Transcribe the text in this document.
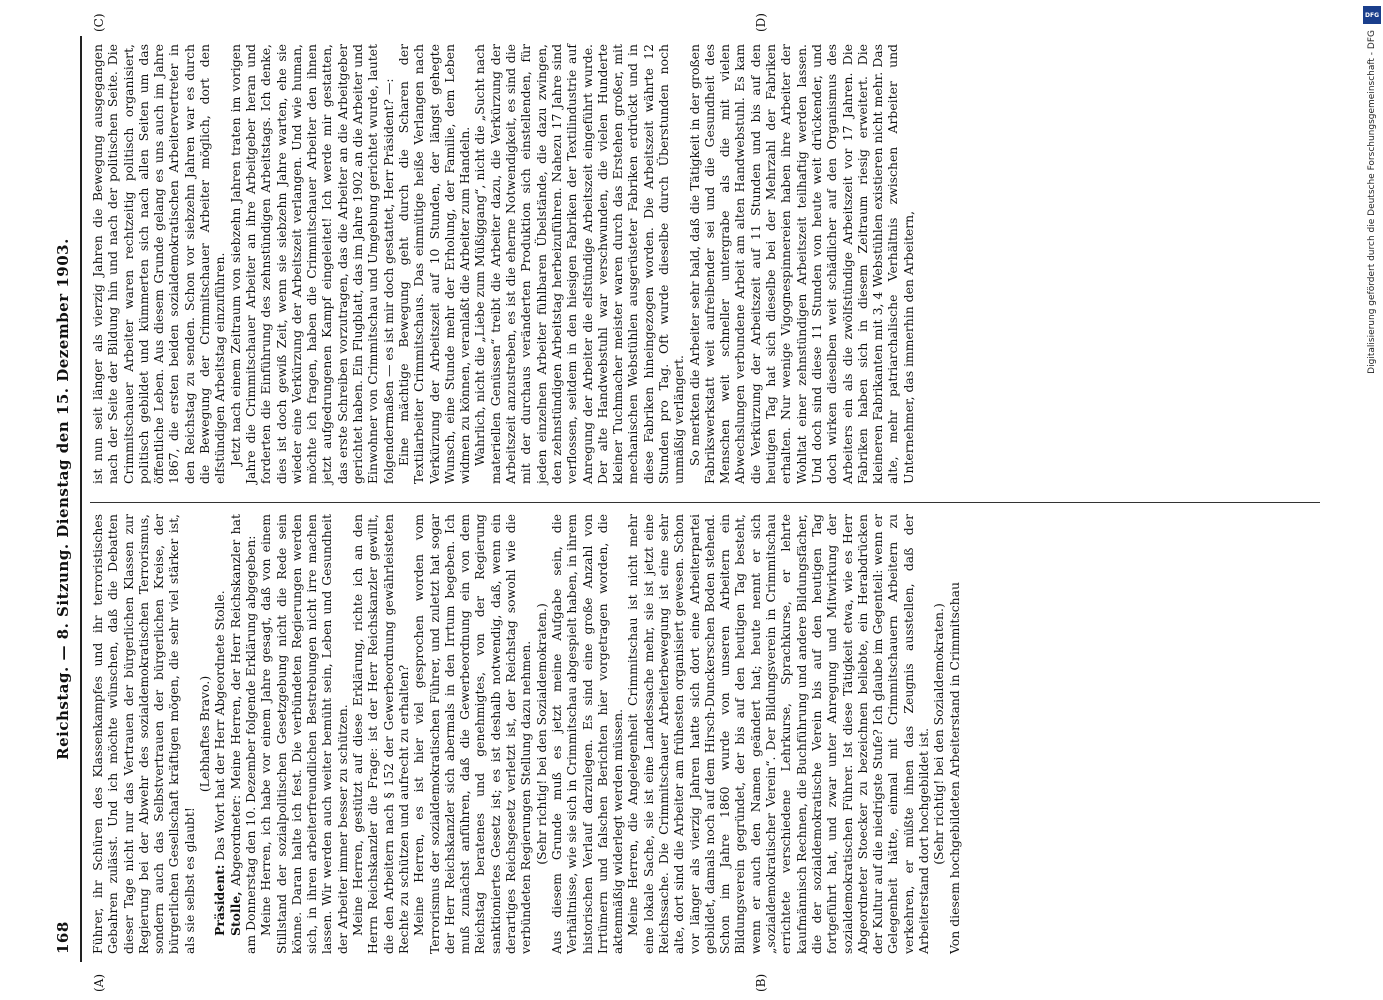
168
Reichstag. — 8. Sitzung. Dienstag den 15. Dezember 1903. Führer, ihr Schüren des Klassenkampfes und ihr terroristisches Gebahren zulässt. Und ich möchte wünschen, daß die Debatten dieser Tage nicht nur das Vertrauen der bürgerlichen Klassen zur Regierung bei der Abwehr des sozialdemokratischen Terrorismus, sondern auch das Selbstvertrauen der bürgerlichen Kreise, der bürgerlichen Gesellschaft kräftigen mögen, die sehr viel stärker ist, als sie selbst es glaubt!

(Lebhaftes Bravo.)

Präsident: Das Wort hat der Herr Abgeordnete Stolle.

Stolle, Abgeordneter: Meine Herren, der Herr Reichskanzler hat am Donnerstag den 10. Dezember folgende Erklärung abgegeben: Meine Herren, ich habe vor einem Jahre gesagt, daß von einem Stillstand der sozialpolitischen Gesetzgebung nicht die Rede sein könne. Daran halte ich fest. Die verbündeten Regierungen werden sich, in ihren arbeiterfreundlichen Bestrebungen nicht irre machen lassen. Wir werden auch weiter bemüht sein, Leben und Gesundheit der Arbeiter immer besser zu schützen. Meine Herren, gestützt auf diese Erklärung, richte ich an den Herrn Reichskanzler die Frage: ist der Herr Reichskanzler gewillt, die den Arbeitern nach § 152 der Gewerbeordnung gewährleisteten Rechte zu schützen und aufrecht zu erhalten? Meine Herren, es ist hier viel gesprochen worden vom Terrorismus der sozialdemokratischen Führer, und zuletzt hat sogar der Herr Reichskanzler sich abermals in den Irrtum begeben. Ich muß zunächst anführen, daß die Gewerbeordnung ein von dem Reichstag beratenes und genehmigtes, von der Regierung sanktioniertes Gesetz ist; es ist deshalb notwendig, daß, wenn ein derartiges Reichsgesetz verletzt ist, der Reichstag sowohl wie die verbündeten Regierungen Stellung dazu nehmen. (Sehr richtig! bei den Sozialdemokraten.) Aus diesem Grunde muß es jetzt meine Aufgabe sein, die Verhältnisse, wie sie sich in Crimmitschau abgespielt haben, in ihrem historischen Verlauf darzulegen. Es sind eine große Anzahl von Irrtümern und falschen Berichten hier vorgetragen worden, die aktenmäßig widerlegt werden müssen. Meine Herren, die Angelegenheit Crimmitschau ist nicht mehr eine lokale Sache, sie ist eine Landessache mehr, sie ist jetzt eine Reichssache. Die Crimmitschauer Arbeiterbewegung ist eine sehr alte, dort sind die Arbeiter am frühesten organisiert gewesen. Schon vor länger als vierzig Jahren hatte sich dort eine Arbeiterpartei gebildet, damals noch auf dem Hirsch-Dunckerschen Boden stehend. Schon im Jahre 1860 wurde von unseren Arbeitern ein Bildungsverein gegründet, der bis auf den heutigen Tag besteht, wenn er auch den Namen geändert hat; heute nennt er sich „sozialdemokratischer Verein“. Der Bildungsverein in Crimmitschau errichtete verschiedene Lehrkurse, Sprachkurse, er lehrte kaufmännisch Rechnen, die Buchführung und andere Bildungsfächer, die der sozialdemokratische Verein bis auf den heutigen Tag fortgeführt hat, und zwar unter Anregung und Mitwirkung der sozialdemokratischen Führer. Ist diese Tätigkeit etwa, wie es Herr Abgeordneter Stoecker zu bezeichnen beliebte, ein Herabdrücken der Kultur auf die niedrigste Stufe? Ich glaube im Gegenteil: wenn er Gelegenheit hätte, einmal mit Crimmitschauern Arbeitern zu verkehren, er müßte ihnen das Zeugnis ausstellen, daß der Arbeiterstand dort hochgebildet ist. (Sehr richtig! bei den Sozialdemokraten.) Von diesem hochgebildeten Arbeiterstand in Crimmitschau

ist nun seit länger als vierzig Jahren die Bewegung ausgegangen nach der Seite der Bildung hin und nach der politischen Seite. Die Crimmitschauer Arbeiter waren rechtzeitig politisch organisiert, politisch gebildet und kümmerten sich nach allen Seiten um das öffentliche Leben. Aus diesem Grunde gelang es uns auch im Jahre 1867, die ersten beiden sozialdemokratischen Arbeitervertreter in den Reichstag zu senden. Schon vor siebzehn Jahren war es durch die Bewegung der Crimmitschauer Arbeiter möglich, dort den elfstündigen Arbeitstag einzuführen. Jetzt nach einem Zeitraum von siebzehn Jahren traten im vorigen Jahre die Crimmitschauer Arbeiter an ihre Arbeitgeber heran und forderten die Einführung des zehnstündigen Arbeitstags. Ich denke, dies ist doch gewiß Zeit, wenn sie siebzehn Jahre warten, ehe sie wieder eine Verkürzung der Arbeitszeit verlangen. Und wie human, möchte ich fragen, haben die Crimmitschauer Arbeiter den ihnen jetzt aufgedrungenen Kampf eingeleitet! Ich werde mir gestatten, das erste Schreiben vorzutragen, das die Arbeiter an die Arbeitgeber gerichtet haben. Ein Flugblatt, das im Jahre 1902 an die Arbeiter und Einwohner von Crimmitschau und Umgebung gerichtet wurde, lautet folgendermaßen — es ist mir doch gestattet, Herr Präsident? —: Eine mächtige Bewegung geht durch die Scharen der Textilarbeiter Crimmitschaus. Das einmütige heiße Verlangen nach Verkürzung der Arbeitszeit auf 10 Stunden, der längst gehegte Wunsch, eine Stunde mehr der Erholung, der Familie, dem Leben widmen zu können, veranlaßt die Arbeiter zum Handeln. Wahrlich, nicht die „Liebe zum Müßiggang“, nicht die „Sucht nach materiellen Genüssen“ treibt die Arbeiter dazu, die Verkürzung der Arbeitszeit anzustreben, es ist die eherne Notwendigkeit, es sind die mit der durchaus veränderten Produktion sich einstellenden, für jeden einzelnen Arbeiter fühlbaren Übelstände, die dazu zwingen, den zehnstündigen Arbeitstag herbeizuführen. Nahezu 17 Jahre sind verflossen, seitdem in den hiesigen Fabriken der Textilindustrie auf Anregung der Arbeiter die elfstündige Arbeitszeit eingeführt wurde. Der alte Handwebstuhl war verschwunden, die vielen Hunderte kleiner Tuchmacher meister waren durch das Erstehen großer, mit mechanischen Webstühlen ausgerüsteter Fabriken erdrückt und in diese Fabriken hineingezogen worden. Die Arbeitszeit währte 12 Stunden pro Tag. Oft wurde dieselbe durch Überstunden noch unmäßig verlängert. So merkten die Arbeiter sehr bald, daß die Tätigkeit in der großen Fabrikswerkstatt weit aufreibender sei und die Gesundheit des Menschen weit schneller untergrabe als die mit vielen Abwechslungen verbundene Arbeit am alten Handwebstuhl. Es kam die Verkürzung der Arbeitszeit auf 11 Stunden und bis auf den heutigen Tag hat sich dieselbe bei der Mehrzahl der Fabriken erhalten. Nur wenige Vigognespinnereien haben ihre Arbeiter der Wohltat einer zehnstündigen Arbeitszeit teilhaftig werden lassen. Und doch sind diese 11 Stunden von heute weit drückender, und doch wirken dieselben weit schädlicher auf den Organismus des Arbeiters ein als die zwölfstündige Arbeitszeit vor 17 Jahren. Die Fabriken haben sich in diesem Zeitraum riesig erweitert. Die kleineren Fabrikanten mit 3, 4 Webstühlen existieren nicht mehr. Das alte, mehr patriarchalische Verhältnis zwischen Arbeiter und Unternehmer, das immerhin den Arbeitern,

(A)	(B)
(C)	(D)	DFG
Digitalisierung gefördert durch die Deutsche Forschungsgemeinschaft - DFG
